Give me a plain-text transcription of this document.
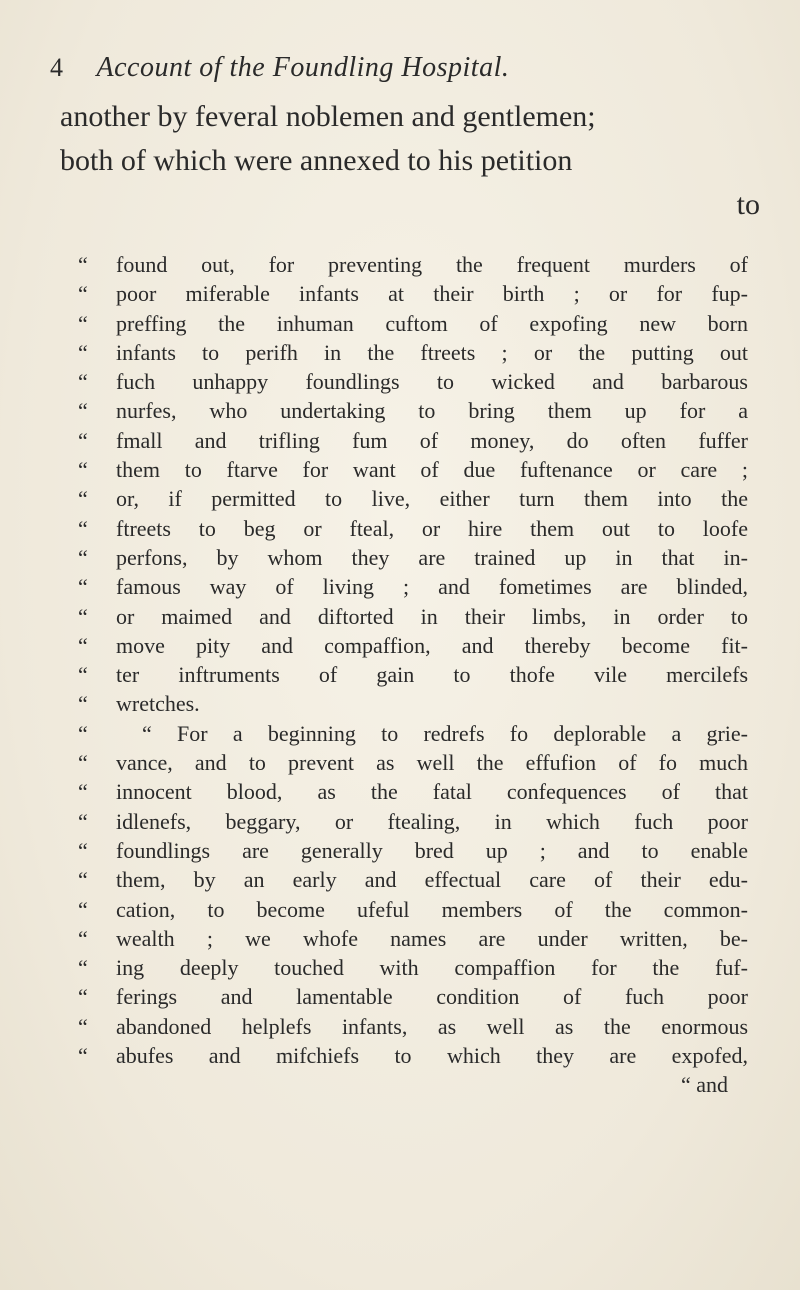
4 Account of the Foundling Hospital.
another by feveral noblemen and gentlemen;
both of which were annexed to his petition
to
“	found out, for preventing the frequent murders of
“	poor miferable infants at their birth ; or for fup-
“	preffing the inhuman cuftom of expofing new born
“	infants to perifh in the ftreets ; or the putting out
“	fuch unhappy foundlings to wicked and barbarous
“	nurfes, who undertaking to bring them up for a
“	fmall and trifling fum of money, do often fuffer
“	them to ftarve for want of due fuftenance or care ;
“	or, if permitted to live, either turn them into the
“	ftreets to beg or fteal, or hire them out to loofe
“	perfons, by whom they are trained up in that in-
“	famous way of living ; and fometimes are blinded,
“	or maimed and diftorted in their limbs, in order to
“	move pity and compaffion, and thereby become fit-
“	ter inftruments of gain to thofe vile mercilefs
“	wretches.
“	“ For a beginning to redrefs fo deplorable a grie-
“	vance, and to prevent as well the effufion of fo much
“	innocent blood, as the fatal confequences of that
“	idlenefs, beggary, or ftealing, in which fuch poor
“	foundlings are generally bred up ; and to enable
“	them, by an early and effectual care of their edu-
“	cation, to become ufeful members of the common-
“	wealth ; we whofe names are under written, be-
“	ing deeply touched with compaffion for the fuf-
“	ferings and lamentable condition of fuch poor
“	abandoned helplefs infants, as well as the enormous
“	abufes and mifchiefs to which they are expofed,
“ and
